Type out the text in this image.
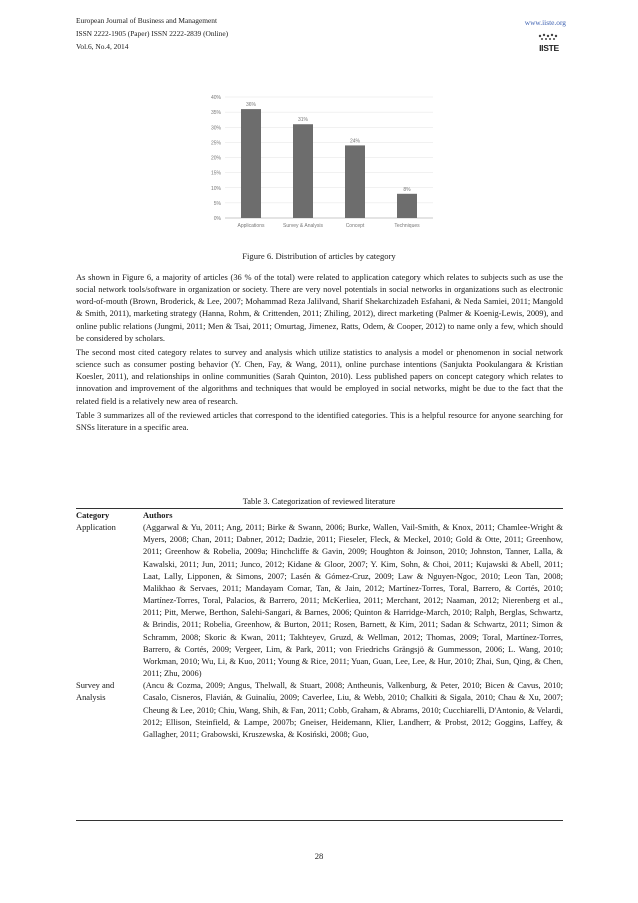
European Journal of Business and Management
ISSN 2222-1905 (Paper) ISSN 2222-2839 (Online)
Vol.6, No.4, 2014
www.iiste.org
IISTE
0%
5%
10%
15%
20%
25%
30%
35%
40%
36%
Applications
31%
Survey & Analysis
24%
Concept
8%
Techniques
Figure 6. Distribution of articles by category

As shown in Figure 6, a majority of articles (36 % of the total) were related to application category which relates to subjects such as use the social network tools/software in organization or society. There are very novel potentials in social networks in organizations such as electronic word-of-mouth (Brown, Broderick, & Lee, 2007; Mohammad Reza Jalilvand, Sharif Shekarchizadeh Esfahani, & Neda Samiei, 2011; Mangold & Smith, 2011), marketing strategy (Hanna, Rohm, & Crittenden, 2011; Zhiling, 2012), direct marketing (Palmer & Koenig-Lewis, 2009), and online public relations (Jungmi, 2011; Men & Tsai, 2011; Omurtag, Jimenez, Ratts, Odem, & Cooper, 2012) to name only a few, which should be considered by scholars.

The second most cited category relates to survey and analysis which utilize statistics to analysis a model or phenomenon in social network science such as consumer posting behavior (Y. Chen, Fay, & Wang, 2011), online purchase intentions (Sanjukta Pookulangara & Kristian Koesler, 2011), and relationships in online communities (Sarah Quinton, 2010). Less published papers on concept category which relates to innovation and improvement of the algorithms and techniques that would be employed in social networks, might be due to the fact that the related field is a relatively new area of research.

Table 3 summarizes all of the reviewed articles that correspond to the identified categories. This is a helpful resource for anyone searching for SNSs literature in a specific area.

Table 3. Categorization of reviewed literature
Category	Authors
Application	(Aggarwal & Yu, 2011; Ang, 2011; Birke & Swann, 2006; Burke, Wallen, Vail-Smith, & Knox, 2011; Chamlee-Wright & Myers, 2008; Chan, 2011; Dabner, 2012; Dadzie, 2011; Fieseler, Fleck, & Meckel, 2010; Gold & Otte, 2011; Greenhow, 2011; Greenhow & Robelia, 2009a; Hinchcliffe & Gavin, 2009; Houghton & Joinson, 2010; Johnston, Tanner, Lalla, & Kawalski, 2011; Jun, 2011; Junco, 2012; Kidane & Gloor, 2007; Y. Kim, Sohn, & Choi, 2011; Kujawski & Abell, 2011; Laat, Lally, Lipponen, & Simons, 2007; Lasén & Gómez-Cruz, 2009; Law & Nguyen-Ngoc, 2010; Leon Tan, 2008; Malikhao & Servaes, 2011; Mandayam Comar, Tan, & Jain, 2012; Martínez-Torres, Toral, Barrero, & Cortés, 2010; Martínez-Torres, Toral, Palacios, & Barrero, 2011; McKerliea, 2011; Merchant, 2012; Naaman, 2012; Nierenberg et al., 2011; Pitt, Merwe, Berthon, Salehi-Sangari, & Barnes, 2006; Quinton & Harridge-March, 2010; Ralph, Berglas, Schwartz, & Brindis, 2011; Robelia, Greenhow, & Burton, 2011; Rosen, Barnett, & Kim, 2011; Sadan & Schwartz, 2011; Simon & Schramm, 2008; Skoric & Kwan, 2011; Takhteyev, Gruzd, & Wellman, 2012; Thomas, 2009; Toral, Martínez-Torres, Barrero, & Cortés, 2009; Vergeer, Lim, & Park, 2011; von Friedrichs Grängsjö & Gummesson, 2006; L. Wang, 2010; Workman, 2010; Wu, Li, & Kuo, 2011; Young & Rice, 2011; Yuan, Guan, Lee, Lee, & Hur, 2010; Zhai, Sun, Qing, & Chen, 2011; Zhu, 2006)
Survey and Analysis
(Ancu & Cozma, 2009; Angus, Thelwall, & Stuart, 2008; Antheunis, Valkenburg, & Peter, 2010; Bicen & Cavus, 2010; Casalo, Cisneros, Flavián, & Guinalíu, 2009; Caverlee, Liu, & Webb, 2010; Chalkiti & Sigala, 2010; Chau & Xu, 2007; Cheung & Lee, 2010; Chiu, Wang, Shih, & Fan, 2011; Cobb, Graham, & Abrams, 2010; Cucchiarelli, D'Antonio, & Velardi, 2012; Ellison, Steinfield, & Lampe, 2007b; Gneiser, Heidemann, Klier, Landherr, & Probst, 2012; Goggins, Laffey, & Gallagher, 2011; Grabowski, Kruszewska, & Kosiński, 2008; Guo,
28
